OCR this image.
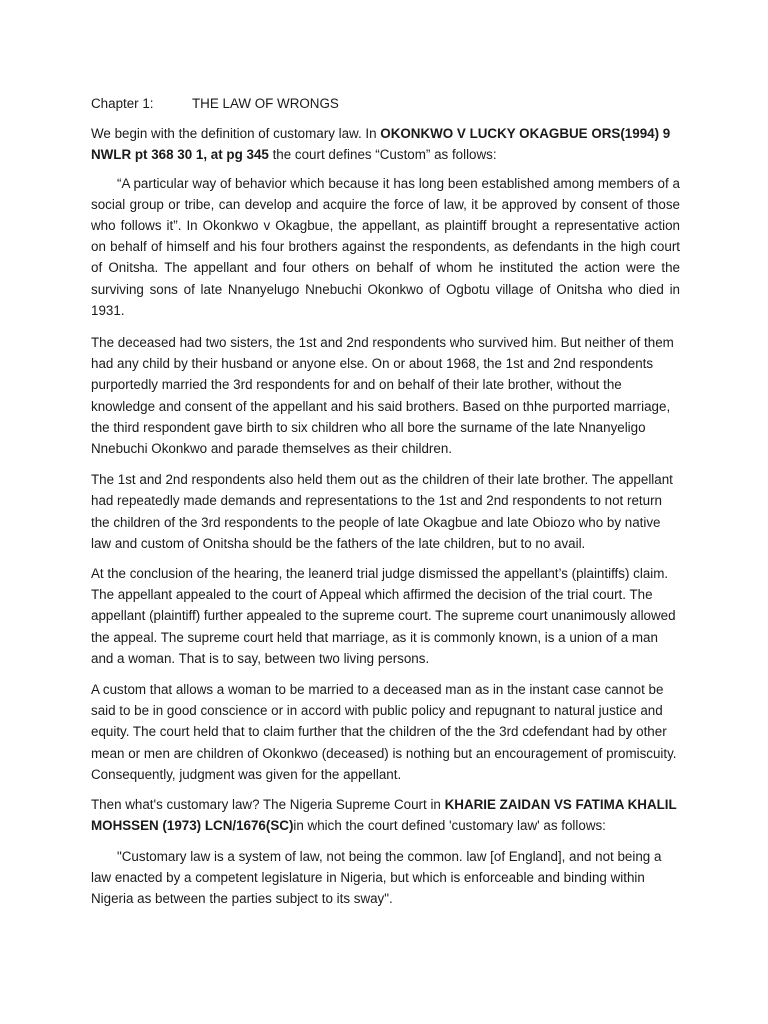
Chapter 1:	THE LAW OF WRONGS

We begin with the definition of customary law. In OKONKWO V LUCKY OKAGBUE ORS(1994) 9 NWLR pt 368 30 1, at pg 345 the court defines “Custom” as follows:

“A particular way of behavior which because it has long been established among members of a social group or tribe, can develop and acquire the force of law, it be approved by consent of those who follows it”. In Okonkwo v Okagbue, the appellant, as plaintiff brought a representative action on behalf of himself and his four brothers against the respondents, as defendants in the high court of Onitsha. The appellant and four others on behalf of whom he instituted the action were the surviving sons of late Nnanyelugo Nnebuchi Okonkwo of Ogbotu village of Onitsha who died in 1931.

The deceased had two sisters, the 1st and 2nd respondents who survived him. But neither of them had any child by their husband or anyone else. On or about 1968, the 1st and 2nd respondents purportedly married the 3rd respondents for and on behalf of their late brother, without the knowledge and consent of the appellant and his said brothers. Based on thhe purported marriage, the third respondent gave birth to six children who all bore the surname of the late Nnanyeligo Nnebuchi Okonkwo and parade themselves as their children.

The 1st and 2nd respondents also held them out as the children of their late brother. The appellant had repeatedly made demands and representations to the 1st and 2nd respondents to not return the children of the 3rd respondents to the people of late Okagbue and late Obiozo who by native law and custom of Onitsha should be the fathers of the late children, but to no avail.

At the conclusion of the hearing, the leanerd trial judge dismissed the appellant’s (plaintiffs) claim. The appellant appealed to the court of Appeal which affirmed the decision of the trial court. The appellant (plaintiff) further appealed to the supreme court. The supreme court unanimously allowed the appeal. The supreme court held that marriage, as it is commonly known, is a union of a man and a woman. That is to say, between two living persons.

A custom that allows a woman to be married to a deceased man as in the instant case cannot be said to be in good conscience or in accord with public policy and repugnant to natural justice and equity. The court held that to claim further that the children of the the 3rd cdefendant had by other mean or men are children of Okonkwo (deceased) is nothing but an encouragement of promiscuity. Consequently, judgment was given for the appellant.

Then what's customary law? The Nigeria Supreme Court in KHARIE ZAIDAN VS FATIMA KHALIL MOHSSEN (1973) LCN/1676(SC)in which the court defined 'customary law' as follows:

"Customary law is a system of law, not being the common. law [of England], and not being a law enacted by a competent legislature in Nigeria, but which is enforceable and binding within Nigeria as between the parties subject to its sway".
